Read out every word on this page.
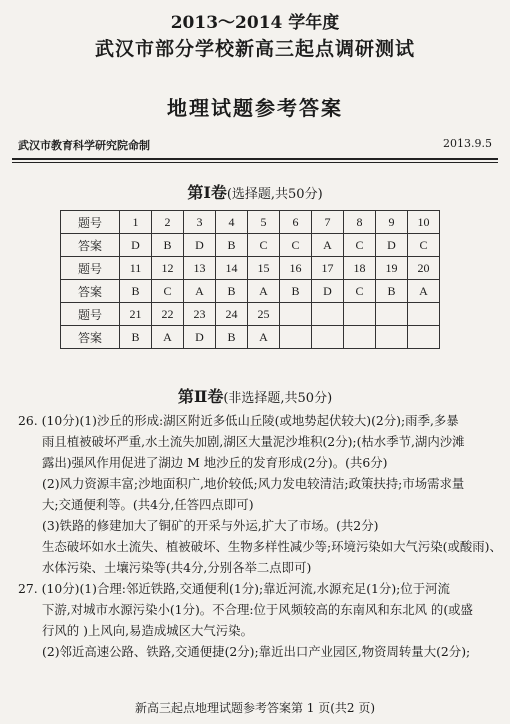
2013～2014 学年度
武汉市部分学校新高三起点调研测试
地理试题参考答案
武汉市教育科学研究院命制	2013.9.5
第Ⅰ卷(选择题,共50分)
题号	1	2	3	4	5	6	7	8	9	10
答案	D	B	D	B	C	C	A	C	D	C
题号	11	12	13	14	15	16	17	18	19	20
答案	B	C	A	B	A	B	D	C	B	A
题号	21	22	23	24	25					
答案	B	A	D	B	A					
第Ⅱ卷(非选择题,共50分)

26. (10分)(1)沙丘的形成:湖区附近多低山丘陵(或地势起伏较大)(2分);雨季,多暴

雨且植被破坏严重,水土流失加剧,湖区大量泥沙堆积(2分);(枯水季节,湖内沙滩

露出)强风作用促进了湖边 M 地沙丘的发育形成(2分)。(共6分)

(2)风力资源丰富;沙地面积广,地价较低;风力发电较清洁;政策扶持;市场需求量

大;交通便利等。(共4分,任答四点即可)

(3)铁路的修建加大了铜矿的开采与外运,扩大了市场。(共2分)

生态破坏如水土流失、植被破坏、生物多样性减少等;环境污染如大气污染(或酸雨)、

水体污染、土壤污染等(共4分,分别各举二点即可)

27. (10分)(1)合理:邻近铁路,交通便利(1分);靠近河流,水源充足(1分);位于河流

下游,对城市水源污染小(1分)。不合理:位于风频较高的东南风和东北风 的(或盛

行风的 )上风向,易造成城区大气污染。

(2)邻近高速公路、铁路,交通便捷(2分);靠近出口产业园区,物资周转量大(2分);

新高三起点地理试题参考答案第 1 页(共2 页)
